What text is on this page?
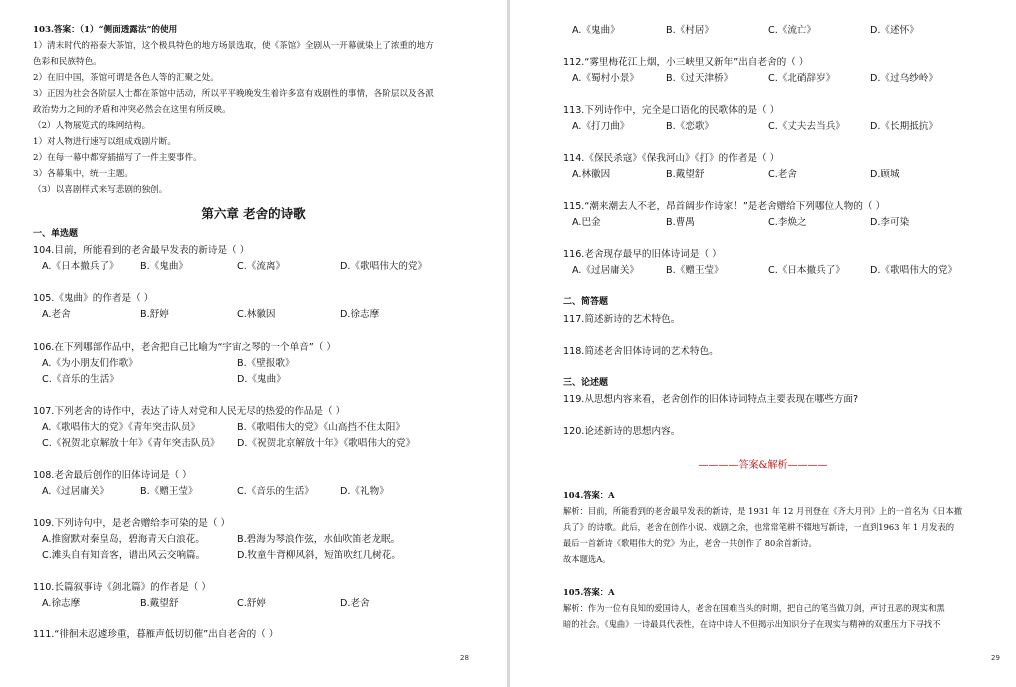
103.答案：（1）“侧面透露法”的使用
1）清末时代的裕泰大茶馆，这个极具特色的地方场景选取，使《茶馆》全剧从一开幕就染上了浓重的地方
色彩和民族特色。
2）在旧中国，茶馆可谓是各色人等的汇聚之处。
3）正因为社会各阶层人士都在茶馆中活动，所以平平晚晚发生着许多富有戏剧性的事情，各阶层以及各派
政治势力之间的矛盾和冲突必然会在这里有所反映。
（2）人物展览式的珠网结构。
1）对人物进行速写以组成戏剧片断。
2）在每一幕中都穿插描写了一件主要事件。
3）各幕集中，统一主题。
（3）以喜剧样式来写悲剧的独创。
第六章 老舍的诗歌
一、单选题
104.目前，所能看到的老舍最早发表的新诗是（ ）
A.《日本撤兵了》 B.《鬼曲》	C.《流离》	D.《歌唱伟大的党》
105.《鬼曲》的作者是（ ）
A.老舍	B.舒婷	C.林徽因	D.徐志摩
106.在下列哪部作品中，老舍把自己比喻为“宇宙之琴的一个单音”（ ）
A.《为小朋友们作歌》	B.《壁报歌》
C.《音乐的生活》	D.《鬼曲》
107.下列老舍的诗作中，表达了诗人对党和人民无尽的热爱的作品是（ ）
A.《歌唱伟大的党》《青年突击队员》	B.《歌唱伟大的党》《山高挡不住太阳》
C.《祝贺北京解放十年》《青年突击队员》 D.《祝贺北京解放十年》《歌唱伟大的党》
108.老舍最后创作的旧体诗词是（ ）
A.《过居庸关》	B.《赠王莹》	C.《音乐的生活》	D.《礼物》
109.下列诗句中，是老舍赠给李可染的是（ ）
A.推窗默对秦皇岛，碧海青天白浪花。	B.碧海为琴浪作弦，水仙吹笛老龙眠。
C.滩头自有知音客，谱出风云交响篇。	D.牧童牛背柳风斜，短笛吹红几树花。
110.长篇叙事诗《剑北篇》的作者是（ ）
A.徐志摩	B.戴望舒	C.舒婷	D.老舍
111.“徘徊未忍遽珍重，暮雁声低切切催”出自老舍的（ ）
28
A.《鬼曲》	B.《村居》	C.《流亡》	D.《述怀》
112.“雾里梅花江上烟，小三峡里又新年”出自老舍的（ ）
A.《蜀村小景》	B.《过天津桥》	C.《北硝辞岁》	D.《过乌纱岭》
113.下列诗作中，完全是口语化的民歌体的是（ ）
A.《打刀曲》	B.《恋歌》	C.《丈夫去当兵》	D.《长期抵抗》
114.《保民杀寇》《保我河山》《打》的作者是（ ）
A.林徽因	B.戴望舒	C.老舍	D.顾城
115.“潮来潮去人不老，昂首阔步作诗家！”是老舍赠给下列哪位人物的（ ）
A.巴金	B.曹禺	C.李焕之	D.李可染
116.老舍现存最早的旧体诗词是（ ）
A.《过居庸关》	B.《赠王莹》	C.《日本撤兵了》	D.《歌唱伟大的党》
二、简答题
117.简述新诗的艺术特色。
118.简述老舍旧体诗词的艺术特色。
三、论述题
119.从思想内容来看，老舍创作的旧体诗词特点主要表现在哪些方面?
120.论述新诗的思想内容。
————答案&解析————
104.答案：A
解析：目前，所能看到的老舍最早发表的新诗，是 1931 年 12 月刊登在《齐大月刊》上的一首名为《日本撤
兵了》的诗歌。此后，老舍在创作小说、戏剧之余，也常常笔耕不辍地写新诗，一直到1963 年 1 月发表的
最后一首新诗《歌唱伟大的党》为止，老舍一共创作了 80余首新诗。
故本题选A。
105.答案：A
解析：作为一位有良知的爱国诗人，老舍在国难当头的时期，把自己的笔当做刀剑，声讨丑恶的现实和黑
暗的社会。《鬼曲》一诗最具代表性，在诗中诗人不但揭示出知识分子在现实与精神的双重压力下寻找不
29
